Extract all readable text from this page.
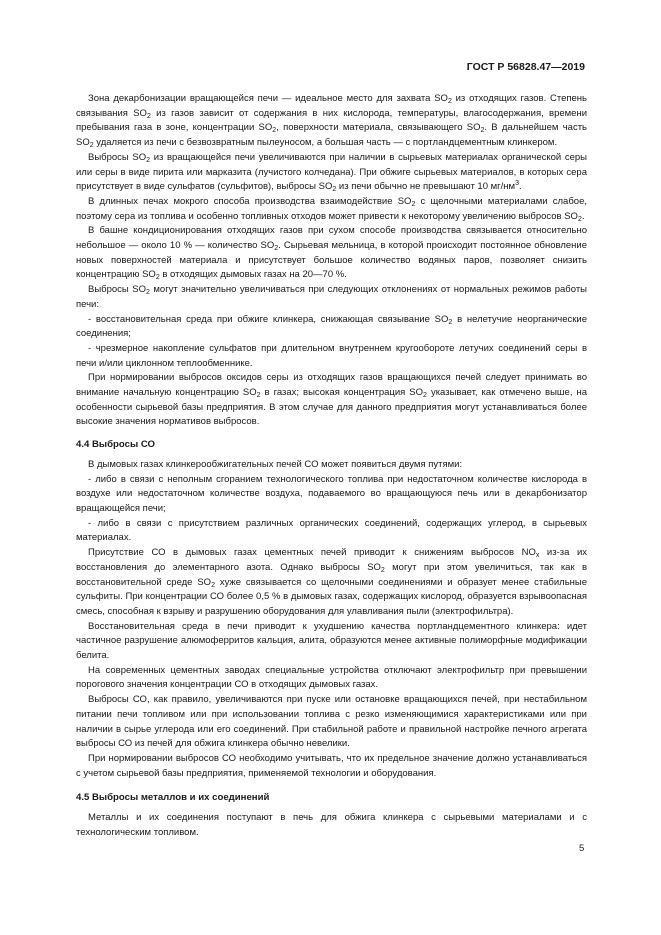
ГОСТ Р 56828.47—2019

Зона декарбонизации вращающейся печи — идеальное место для захвата $SO_2$ из отходящих газов. Степень связывания $SO_2$ из газов зависит от содержания в них кислорода, температуры, влагосодержания, времени пребывания газа в зоне, концентрации $SO_2$, поверхности материала, связывающего $SO_2$. В дальнейшем часть $SO_2$ удаляется из печи с безвозвратным пылеуносом, а большая часть — с портландцементным клинкером.

Выбросы $SO_2$ из вращающейся печи увеличиваются при наличии в сырьевых материалах органической серы или серы в виде пирита или марказита (лучистого колчедана). При обжиге сырьевых материалов, в которых сера присутствует в виде сульфатов (сульфитов), выбросы $SO_2$ из печи обычно не превышают 10 $мг/нм^3$.

В длинных печах мокрого способа производства взаимодействие $SO_2$ с щелочными материалами слабое, поэтому сера из топлива и особенно топливных отходов может привести к некоторому увеличению выбросов $SO_2$.

В башне кондиционирования отходящих газов при сухом способе производства связывается относительно небольшое — около 10 % — количество $SO_2$. Сырьевая мельница, в которой происходит постоянное обновление новых поверхностей материала и присутствует большое количество водяных паров, позволяет снизить концентрацию $SO_2$ в отходящих дымовых газах на 20—70 %.

Выбросы $SO_2$ могут значительно увеличиваться при следующих отклонениях от нормальных режимов работы печи:

- восстановительная среда при обжиге клинкера, снижающая связывание $SO_2$ в нелетучие неорганические соединения;

- чрезмерное накопление сульфатов при длительном внутреннем кругообороте летучих соединений серы в печи и/или циклонном теплообменнике.

При нормировании выбросов оксидов серы из отходящих газов вращающихся печей следует принимать во внимание начальную концентрацию $SO_2$ в газах; высокая концентрация $SO_2$ указывает, как отмечено выше, на особенности сырьевой базы предприятия. В этом случае для данного предприятия могут устанавливаться более высокие значения нормативов выбросов.

4.4 Выбросы СО

В дымовых газах клинкерообжигательных печей СО может появиться двумя путями:

- либо в связи с неполным сгоранием технологического топлива при недостаточном количестве кислорода в воздухе или недостаточном количестве воздуха, подаваемого во вращающуюся печь или в декарбонизатор вращающейся печи;

- либо в связи с присутствием различных органических соединений, содержащих углерод, в сырьевых материалах.

Присутствие СО в дымовых газах цементных печей приводит к снижениям выбросов $NO_x$ из-за их восстановления до элементарного азота. Однако выбросы $SO_2$ могут при этом увеличиться, так как в восстановительной среде $SO_2$ хуже связывается со щелочными соединениями и образует менее стабильные сульфиты. При концентрации СО более 0,5 % в дымовых газах, содержащих кислород, образуется взрывоопасная смесь, способная к взрыву и разрушению оборудования для улавливания пыли (электрофильтра).

Восстановительная среда в печи приводит к ухудшению качества портландцементного клинкера: идет частичное разрушение алюмоферритов кальция, алита, образуются менее активные полиморфные модификации белита.

На современных цементных заводах специальные устройства отключают электрофильтр при превышении порогового значения концентрации СО в отходящих дымовых газах.

Выбросы СО, как правило, увеличиваются при пуске или остановке вращающихся печей, при нестабильном питании печи топливом или при использовании топлива с резко изменяющимися характеристиками или при наличии в сырье углерода или его соединений. При стабильной работе и правильной настройке печного агрегата выбросы СО из печей для обжига клинкера обычно невелики.

При нормировании выбросов СО необходимо учитывать, что их предельное значение должно устанавливаться с учетом сырьевой базы предприятия, применяемой технологии и оборудования.

4.5 Выбросы металлов и их соединений

Металлы и их соединения поступают в печь для обжига клинкера с сырьевыми материалами и с технологическим топливом.

5
